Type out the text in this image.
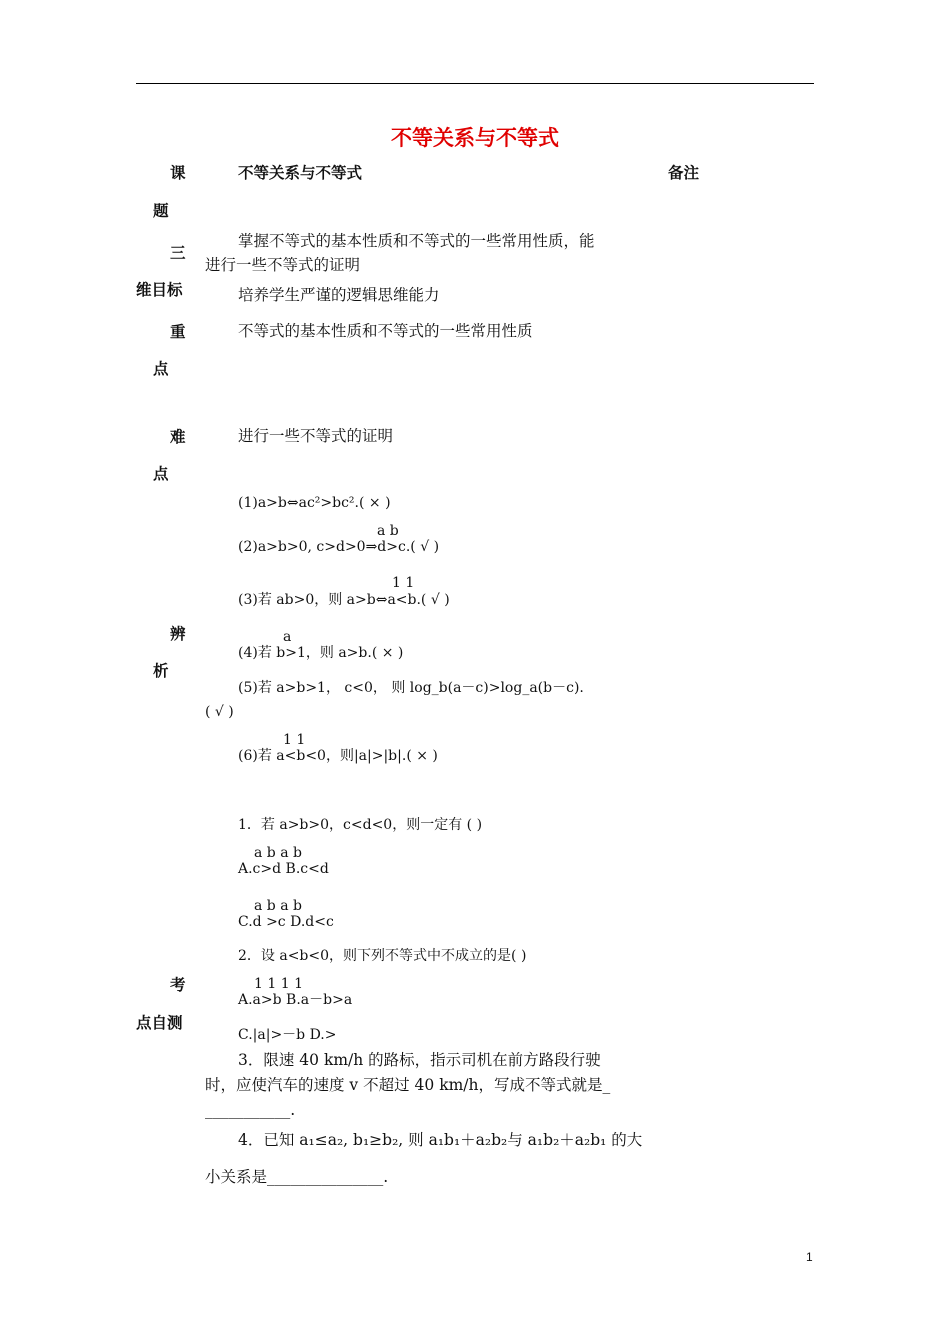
不等关系与不等式
课
题
三
维目标
重
点
难
点
辨
析
考
点自测
备注
不等关系与不等式
掌握不等式的基本性质和不等式的一些常用性质，能
进行一些不等式的证明
培养学生严谨的逻辑思维能力
不等式的基本性质和不等式的一些常用性质
进行一些不等式的证明
(1)a>b⇔ac²>bc².( × )
a b
(2)a>b>0, c>d>0⇒d>c.( √ )
1 1
(3)若 ab>0，则 a>b⇔a<b.( √ )
a
(4)若 b>1，则 a>b.( × )
(5)若 a>b>1， c<0， 则 log_b(a－c)>log_a(b－c).
( √ )
1 1
(6)若 a<b<0，则|a|>|b|.( × )
1．若 a>b>0，c<d<0，则一定有 ( )
a b a b
A.c>d B.c<d
a b a b
C.d >c D.d<c
2．设 a<b<0，则下列不等式中不成立的是( )
1 1 1 1
A.a>b B.a－b>a
C.|a|>－b D.>
3．限速 40 km/h 的路标，指示司机在前方路段行驶
时，应使汽车的速度 v 不超过 40 km/h，写成不等式就是_
___________.
4．已知 a₁≤a₂, b₁≥b₂, 则 a₁b₁＋a₂b₂与 a₁b₂＋a₂b₁ 的大
小关系是_______________.
1
